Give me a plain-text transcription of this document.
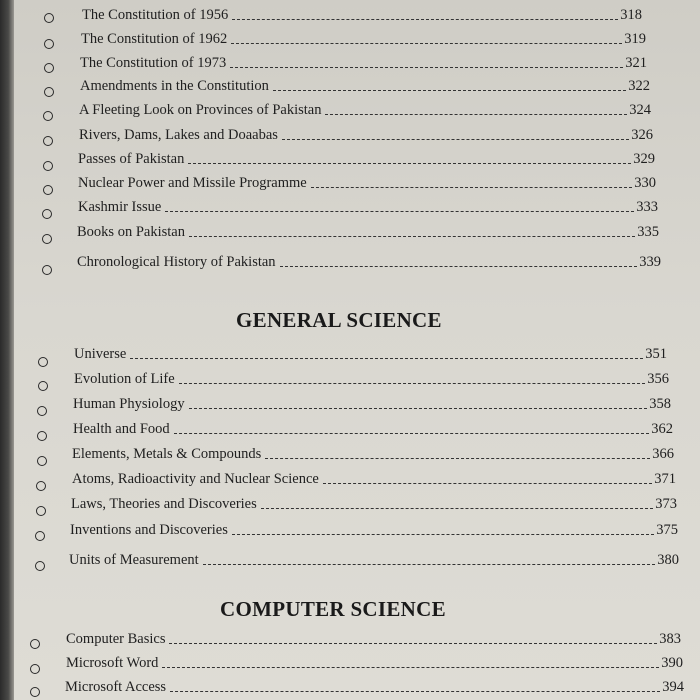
The Constitution of 1956	318
The Constitution of 1962	319
The Constitution of 1973	321
Amendments in the Constitution	322
A Fleeting Look on Provinces of Pakistan	324
Rivers, Dams, Lakes and Doaabas	326
Passes of Pakistan	329
Nuclear Power and Missile Programme	330
Kashmir Issue	333
Books on Pakistan	335
Chronological History of Pakistan	339
GENERAL SCIENCE
Universe	351
Evolution of Life	356
Human Physiology	358
Health and Food	362
Elements, Metals & Compounds	366
Atoms, Radioactivity and Nuclear Science	371
Laws, Theories and Discoveries	373
Inventions and Discoveries	375
Units of Measurement	380
COMPUTER SCIENCE
Computer Basics	383
Microsoft Word	390
Microsoft Access	394
